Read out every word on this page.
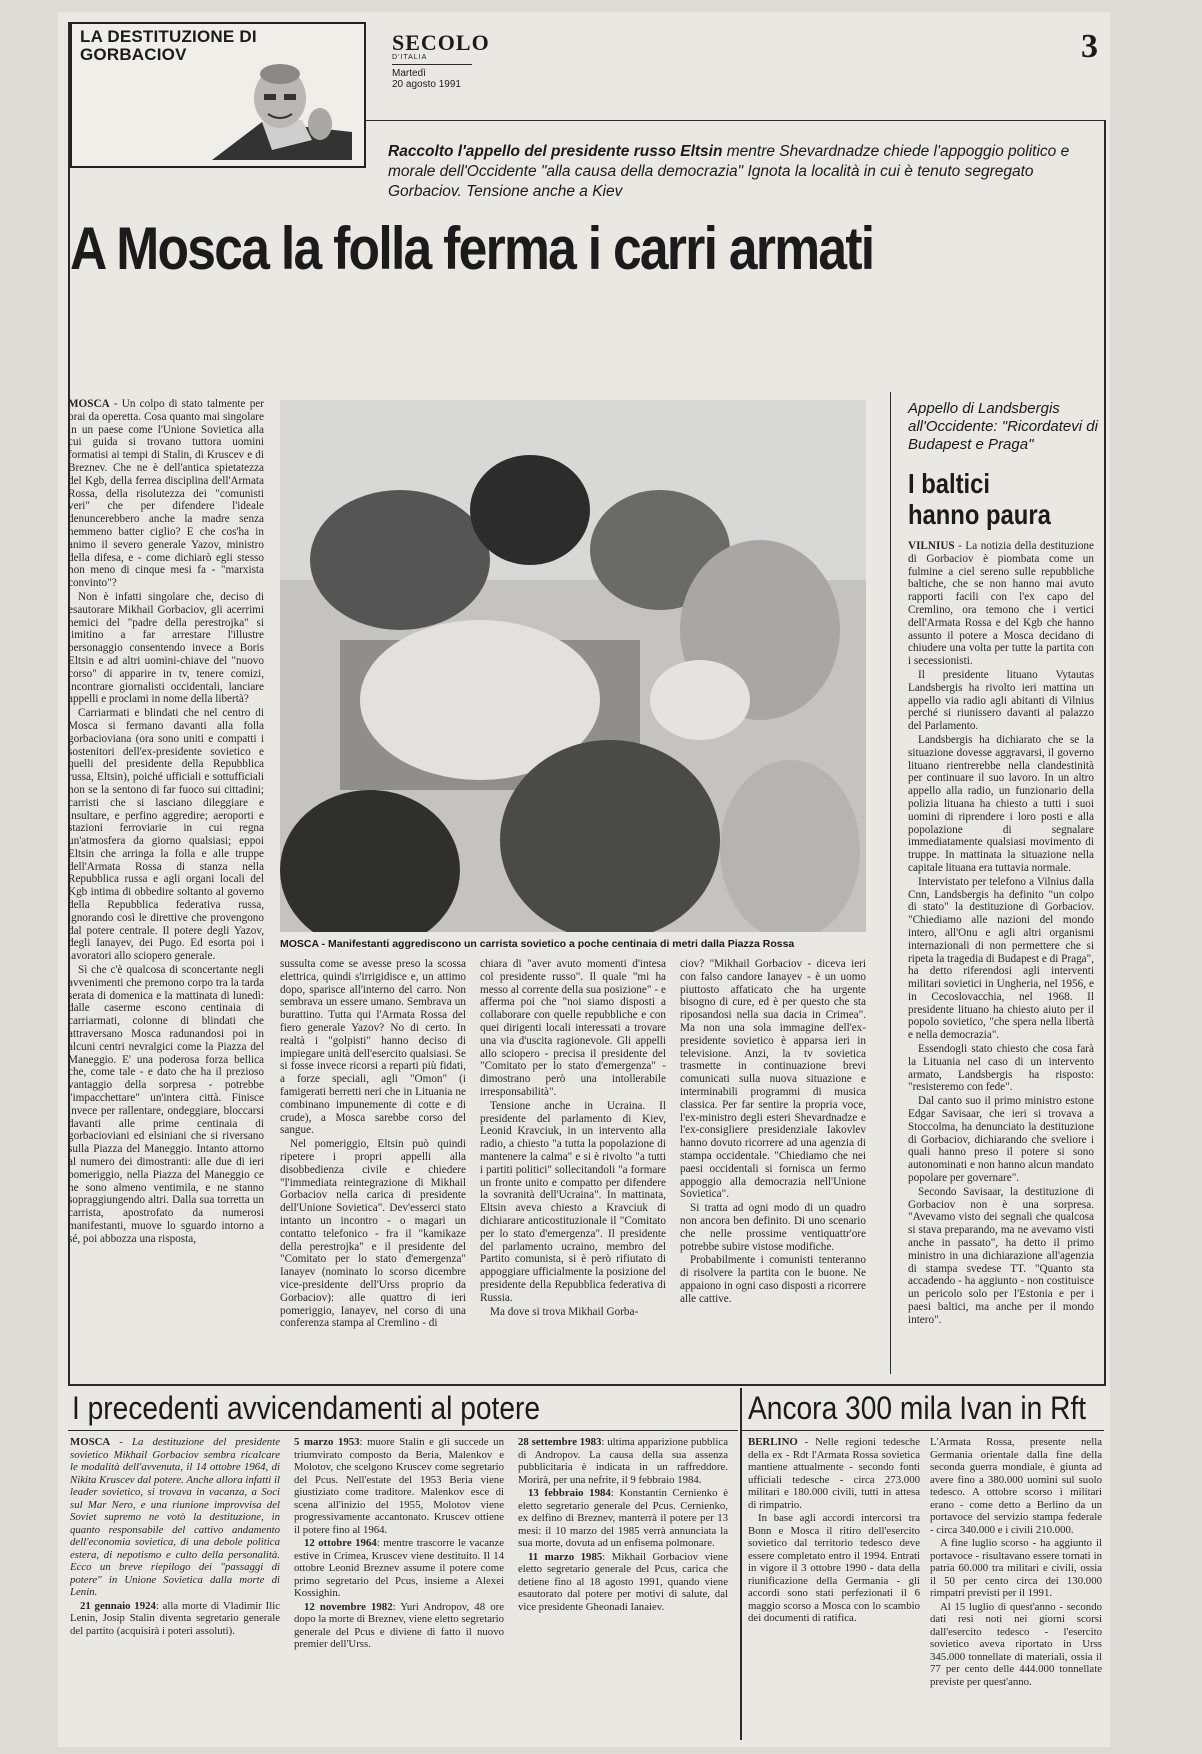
LA DESTITUZIONE DI GORBACIOV	SECOLO
D'ITALIA
Martedì
20 agosto 1991
3
Raccolto l'appello del presidente russo Eltsin mentre Shevardnadze chiede l'appoggio politico e morale dell'Occidente "alla causa della democrazia" Ignota la località in cui è tenuto segregato Gorbaciov. Tensione anche a Kiev
A Mosca la folla ferma i carri armati

MOSCA - Un colpo di stato talmente per orai da operetta. Cosa quanto mai singolare in un paese come l'Unione Sovietica alla cui guida si trovano tuttora uomini formatisi ai tempi di Stalin, di Kruscev e di Breznev. Che ne è dell'antica spietatezza del Kgb, della ferrea disciplina dell'Armata Rossa, della risolutezza dei "comunisti veri" che per difendere l'ideale denuncerebbero anche la madre senza nemmeno batter ciglio? E che cos'ha in animo il severo generale Yazov, ministro della difesa, e - come dichiarò egli stesso non meno di cinque mesi fa - "marxista convinto"?

Non è infatti singolare che, deciso di esautorare Mikhail Gorbaciov, gli acerrimi nemici del "padre della perestrojka" si limitino a far arrestare l'illustre personaggio consentendo invece a Boris Eltsin e ad altri uomini-chiave del "nuovo corso" di apparire in tv, tenere comizi, incontrare giornalisti occidentali, lanciare appelli e proclami in nome della libertà?

Carriarmati e blindati che nel centro di Mosca si fermano davanti alla folla gorbacioviana (ora sono uniti e compatti i sostenitori dell'ex-presidente sovietico e quelli del presidente della Repubblica russa, Eltsin), poiché ufficiali e sottufficiali non se la sentono di far fuoco sui cittadini; carristi che si lasciano dileggiare e insultare, e perfino aggredire; aeroporti e stazioni ferroviarie in cui regna un'atmosfera da giorno qualsiasi; eppoi Eltsin che arringa la folla e alle truppe dell'Armata Rossa di stanza nella Repubblica russa e agli organi locali del Kgb intima di obbedire soltanto al governo della Repubblica federativa russa, ignorando così le direttive che provengono dal potere centrale. Il potere degli Yazov, degli Ianayev, dei Pugo. Ed esorta poi i lavoratori allo sciopero generale.

Sì che c'è qualcosa di sconcertante negli avvenimenti che premono corpo tra la tarda serata di domenica e la mattinata di lunedì: dalle caserme escono centinaia di carriarmati, colonne di blindati che attraversano Mosca radunandosi poi in alcuni centri nevralgici come la Piazza del Maneggio. E' una poderosa forza bellica che, come tale - e dato che ha il prezioso vantaggio della sorpresa - potrebbe "impacchettare" un'intera città. Finisce invece per rallentare, ondeggiare, bloccarsi davanti alle prime centinaia di gorbacioviani ed elsiniani che si riversano sulla Piazza del Maneggio. Intanto attorno al numero dei dimostranti: alle due di ieri pomeriggio, nella Piazza del Maneggio ce ne sono almeno ventimila, e ne stanno sopraggiungendo altri. Dalla sua torretta un carrista, apostrofato da numerosi manifestanti, muove lo sguardo intorno a sé, poi abbozza una risposta,

MOSCA - Manifestanti aggrediscono un carrista sovietico a poche centinaia di metri dalla Piazza Rossa

sussulta come se avesse preso la scossa elettrica, quindi s'irrigidisce e, un attimo dopo, sparisce all'interno del carro. Non sembrava un essere umano. Sembrava un burattino. Tutta qui l'Armata Rossa del fiero generale Yazov? No di certo. In realtà i "golpisti" hanno deciso di impiegare unità dell'esercito qualsiasi. Se si fosse invece ricorsi a reparti più fidati, a forze speciali, agli "Omon" (i famigerati berretti neri che in Lituania ne combinano impunemente di cotte e di crude), a Mosca sarebbe corso del sangue.

Nel pomeriggio, Eltsin può quindi ripetere i propri appelli alla disobbedienza civile e chiedere "l'immediata reintegrazione di Mikhail Gorbaciov nella carica di presidente dell'Unione Sovietica". Dev'esserci stato intanto un incontro - o magari un contatto telefonico - fra il "kamikaze della perestrojka" e il presidente del "Comitato per lo stato d'emergenza" Ianayev (nominato lo scorso dicembre vice-presidente dell'Urss proprio da Gorbaciov): alle quattro di ieri pomeriggio, Ianayev, nel corso di una conferenza stampa al Cremlino - di

chiara di "aver avuto momenti d'intesa col presidente russo". Il quale "mi ha messo al corrente della sua posizione" - e afferma poi che "noi siamo disposti a collaborare con quelle repubbliche e con quei dirigenti locali interessati a trovare una via d'uscita ragionevole. Gli appelli allo sciopero - precisa il presidente del "Comitato per lo stato d'emergenza" - dimostrano però una intollerabile irresponsabilità".

Tensione anche in Ucraina. Il presidente del parlamento di Kiev, Leonid Kravciuk, in un intervento alla radio, a chiesto "a tutta la popolazione di mantenere la calma" e si è rivolto "a tutti i partiti politici" sollecitandoli "a formare un fronte unito e compatto per difendere la sovranità dell'Ucraina". In mattinata, Eltsin aveva chiesto a Kravciuk di dichiarare anticostituzionale il "Comitato per lo stato d'emergenza". Il presidente del parlamento ucraino, membro del Partito comunista, si è però rifiutato di appoggiare ufficialmente la posizione del presidente della Repubblica federativa di Russia.

Ma dove si trova Mikhail Gorba-

ciov? "Mikhail Gorbaciov - diceva ieri con falso candore Ianayev - è un uomo piuttosto affaticato che ha urgente bisogno di cure, ed è per questo che sta riposandosi nella sua dacia in Crimea". Ma non una sola immagine dell'ex-presidente sovietico è apparsa ieri in televisione. Anzi, la tv sovietica trasmette in continuazione brevi comunicati sulla nuova situazione e interminabili programmi di musica classica. Per far sentire la propria voce, l'ex-ministro degli esteri Shevardnadze e l'ex-consigliere presidenziale Iakovlev hanno dovuto ricorrere ad una agenzia di stampa occidentale. "Chiediamo che nei paesi occidentali si fornisca un fermo appoggio alla democrazia nell'Unione Sovietica".

Si tratta ad ogni modo di un quadro non ancora ben definito. Di uno scenario che nelle prossime ventiquattr'ore potrebbe subire vistose modifiche.

Probabilmente i comunisti tenteranno di risolvere la partita con le buone. Ne appaiono in ogni caso disposti a ricorrere alle cattive.

Appello di Landsbergis all'Occidente: "Ricordatevi di Budapest e Praga"
I baltici hanno paura

VILNIUS - La notizia della destituzione di Gorbaciov è piombata come un fulmine a ciel sereno sulle repubbliche baltiche, che se non hanno mai avuto rapporti facili con l'ex capo del Cremlino, ora temono che i vertici dell'Armata Rossa e del Kgb che hanno assunto il potere a Mosca decidano di chiudere una volta per tutte la partita con i secessionisti.

Il presidente lituano Vytautas Landsbergis ha rivolto ieri mattina un appello via radio agli abitanti di Vilnius perché si riunissero davanti al palazzo del Parlamento.

Landsbergis ha dichiarato che se la situazione dovesse aggravarsi, il governo lituano rientrerebbe nella clandestinità per continuare il suo lavoro. In un altro appello alla radio, un funzionario della polizia lituana ha chiesto a tutti i suoi uomini di riprendere i loro posti e alla popolazione di segnalare immediatamente qualsiasi movimento di truppe. In mattinata la situazione nella capitale lituana era tuttavia normale.

Intervistato per telefono a Vilnius dalla Cnn, Landsbergis ha definito "un colpo di stato" la destituzione di Gorbaciov. "Chiediamo alle nazioni del mondo intero, all'Onu e agli altri organismi internazionali di non permettere che si ripeta la tragedia di Budapest e di Praga", ha detto riferendosi agli interventi militari sovietici in Ungheria, nel 1956, e in Cecoslovacchia, nel 1968. Il presidente lituano ha chiesto aiuto per il popolo sovietico, "che spera nella libertà e nella democrazia".

Essendogli stato chiesto che cosa farà la Lituania nel caso di un intervento armato, Landsbergis ha risposto: "resisteremo con fede".

Dal canto suo il primo ministro estone Edgar Savisaar, che ieri si trovava a Stoccolma, ha denunciato la destituzione di Gorbaciov, dichiarando che sveliore i quali hanno preso il potere si sono autonominati e non hanno alcun mandato popolare per governare".

Secondo Savisaar, la destituzione di Gorbaciov non è una sorpresa. "Avevamo visto dei segnali che qualcosa si stava preparando, ma ne avevamo visti anche in passato", ha detto il primo ministro in una dichiarazione all'agenzia di stampa svedese TT. "Quanto sta accadendo - ha aggiunto - non costituisce un pericolo solo per l'Estonia e per i paesi baltici, ma anche per il mondo intero".

I precedenti avvicendamenti al potere

MOSCA - La destituzione del presidente sovietico Mikhail Gorbaciov sembra ricalcare le modalità dell'avvenuta, il 14 ottobre 1964, di Nikita Kruscev dal potere. Anche allora infatti il leader sovietico, si trovava in vacanza, a Soci sul Mar Nero, e una riunione improvvisa del Soviet supremo ne votò la destituzione, in quanto responsabile del cattivo andamento dell'economia sovietica, di una debole politica estera, di nepotismo e culto della personalità. Ecco un breve riepilogo dei "passaggi di potere" in Unione Sovietica dalla morte di Lenin.

21 gennaio 1924: alla morte di Vladimir Ilic Lenin, Josip Stalin diventa segretario generale del partito (acquisirà i poteri assoluti).

5 marzo 1953: muore Stalin e gli succede un triumvirato composto da Beria, Malenkov e Molotov, che scelgono Kruscev come segretario del Pcus. Nell'estate del 1953 Beria viene giustiziato come traditore. Malenkov esce di scena all'inizio del 1955, Molotov viene progressivamente accantonato. Kruscev ottiene il potere fino al 1964.

12 ottobre 1964: mentre trascorre le vacanze estive in Crimea, Kruscev viene destituito. Il 14 ottobre Leonid Breznev assume il potere come primo segretario del Pcus, insieme a Alexei Kossighin.

12 novembre 1982: Yuri Andropov, 48 ore dopo la morte di Breznev, viene eletto segretario generale del Pcus e diviene di fatto il nuovo premier dell'Urss.

28 settembre 1983: ultima apparizione pubblica di Andropov. La causa della sua assenza pubblicitaria è indicata in un raffreddore. Morirà, per una nefrite, il 9 febbraio 1984.

13 febbraio 1984: Konstantin Cernienko è eletto segretario generale del Pcus. Cernienko, ex delfino di Breznev, manterrà il potere per 13 mesi: il 10 marzo del 1985 verrà annunciata la sua morte, dovuta ad un enfisema polmonare.

11 marzo 1985: Mikhail Gorbaciov viene eletto segretario generale del Pcus, carica che detiene fino al 18 agosto 1991, quando viene esautorato dal potere per motivi di salute, dal vice presidente Gheonadi Ianaiev.

Ancora 300 mila Ivan in Rft

BERLINO - Nelle regioni tedesche della ex - Rdt l'Armata Rossa sovietica mantiene attualmente - secondo fonti ufficiali tedesche - circa 273.000 militari e 180.000 civili, tutti in attesa di rimpatrio.

In base agli accordi intercorsi tra Bonn e Mosca il ritiro dell'esercito sovietico dal territorio tedesco deve essere completato entro il 1994. Entrati in vigore il 3 ottobre 1990 - data della riunificazione della Germania - gli accordi sono stati perfezionati il 6 maggio scorso a Mosca con lo scambio dei documenti di ratifica.

L'Armata Rossa, presente nella Germania orientale dalla fine della seconda guerra mondiale, è giunta ad avere fino a 380.000 uomini sul suolo tedesco. A ottobre scorso i militari erano - come detto a Berlino da un portavoce del servizio stampa federale - circa 340.000 e i civili 210.000.

A fine luglio scorso - ha aggiunto il portavoce - risultavano essere tornati in patria 60.000 tra militari e civili, ossia il 50 per cento circa dei 130.000 rimpatri previsti per il 1991.

Al 15 luglio di quest'anno - secondo dati resi noti nei giorni scorsi dall'esercito tedesco - l'esercito sovietico aveva riportato in Urss 345.000 tonnellate di materiali, ossia il 77 per cento delle 444.000 tonnellate previste per quest'anno.
